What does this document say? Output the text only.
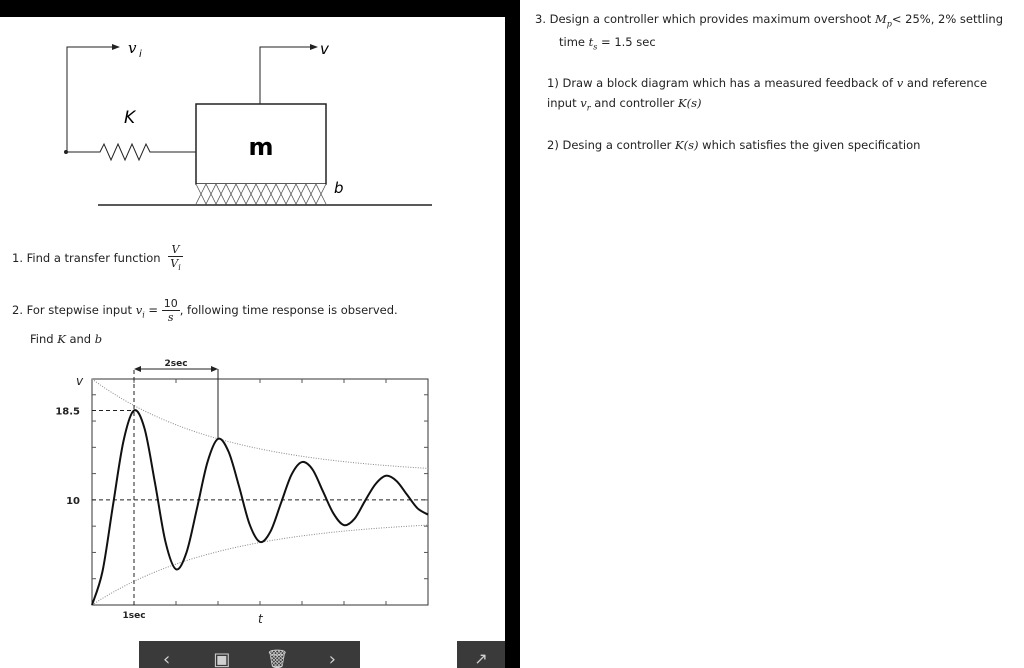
v i	v
K
m
b
1. Find a transfer function $\frac{V}{V_i}$
2. For stepwise input $v_i = \frac{10}{s}$ , following time response is observed.
Find K and b
2sec
v
18.5
10
1sec	t
3. Design a controller which provides maximum overshoot $M_p< 25\%$, 2% settling
time $t_s = 1.5$ sec
1) Draw a block diagram which has a measured feedback of v and reference
input $v_r$ and controller K(s)
2) Desing a controller K(s) which satisfies the given specification
‹	▣	🗑	›	↗
